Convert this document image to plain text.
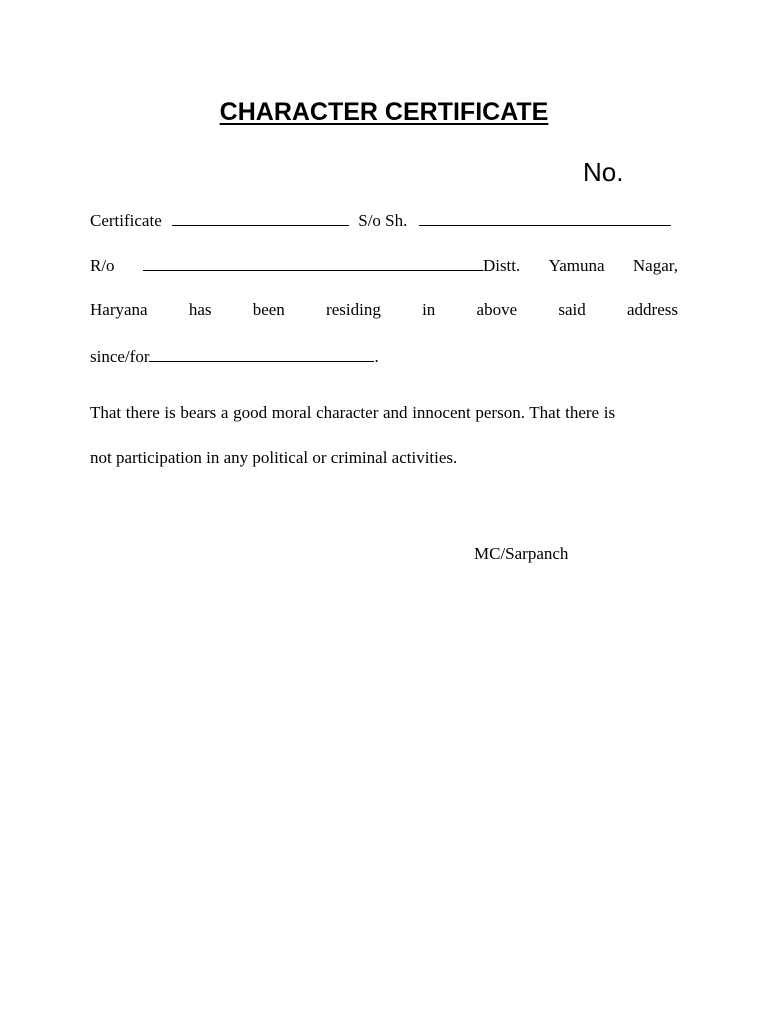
CHARACTER CERTIFICATE
No.
Certificate	S/o Sh.
R/o	Distt. Yamuna Nagar,
Haryana has been residing in above said address
since/for	.
That there is bears a good moral character and innocent person. That there is
not participation in any political or criminal activities.
MC/Sarpanch
